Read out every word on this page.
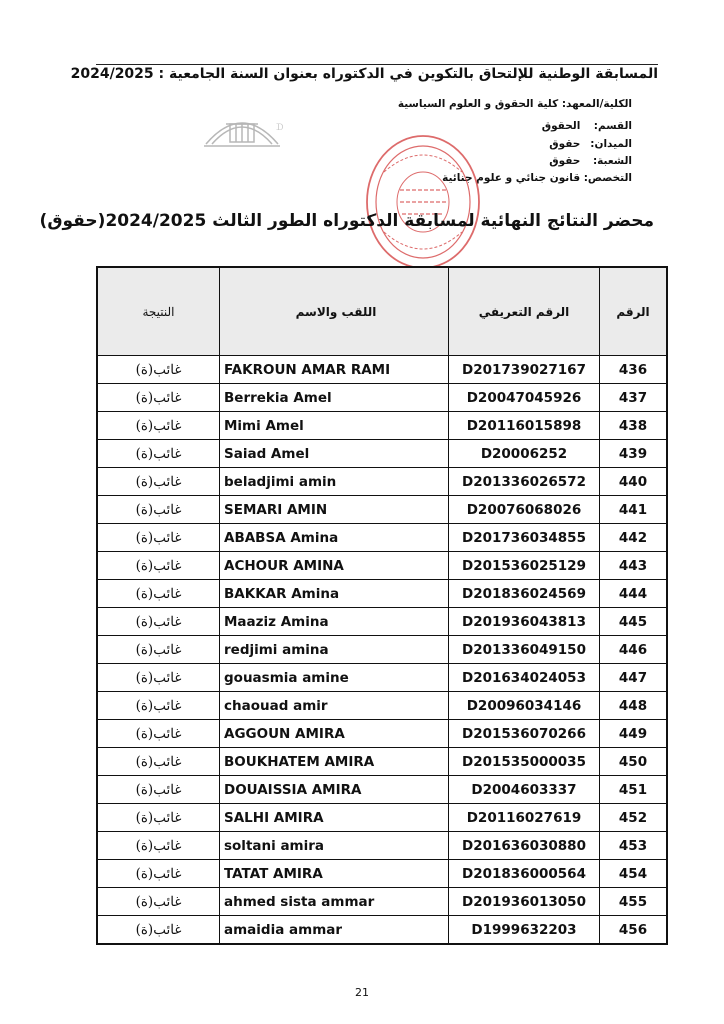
المسابقة الوطنية للإلتحاق بالتكوين في الدكتوراه بعنوان السنة الجامعية : 2024/2025
الكلية/المعهد: كلية الحقوق و العلوم السياسية
القسم: الحقوق
الميدان: حقوق
الشعبة: حقوق
التخصص: قانون جنائي و علوم جنائية
ᗪ
محضر النتائج النهائية لمسابقة الدكتوراه الطور الثالث 2024/2025(حقوق)
النتيجة	اللقب والاسم	الرقم التعريفي	الرقم
غائب(ة)	FAKROUN AMAR RAMI	D201739027167	436
غائب(ة)	Berrekia Amel	D20047045926	437
غائب(ة)	Mimi Amel	D20116015898	438
غائب(ة)	Saiad Amel	D20006252	439
غائب(ة)	beladjimi amin	D201336026572	440
غائب(ة)	SEMARI AMIN	D20076068026	441
غائب(ة)	ABABSA Amina	D201736034855	442
غائب(ة)	ACHOUR AMINA	D201536025129	443
غائب(ة)	BAKKAR Amina	D201836024569	444
غائب(ة)	Maaziz Amina	D201936043813	445
غائب(ة)	redjimi amina	D201336049150	446
غائب(ة)	gouasmia amine	D201634024053	447
غائب(ة)	chaouad amir	D20096034146	448
غائب(ة)	AGGOUN AMIRA	D201536070266	449
غائب(ة)	BOUKHATEM AMIRA	D201535000035	450
غائب(ة)	DOUAISSIA AMIRA	D2004603337	451
غائب(ة)	SALHI AMIRA	D20116027619	452
غائب(ة)	soltani amira	D201636030880	453
غائب(ة)	TATAT AMIRA	D201836000564	454
غائب(ة)	ahmed sista ammar	D201936013050	455
غائب(ة)	amaidia ammar	D1999632203	456
21
